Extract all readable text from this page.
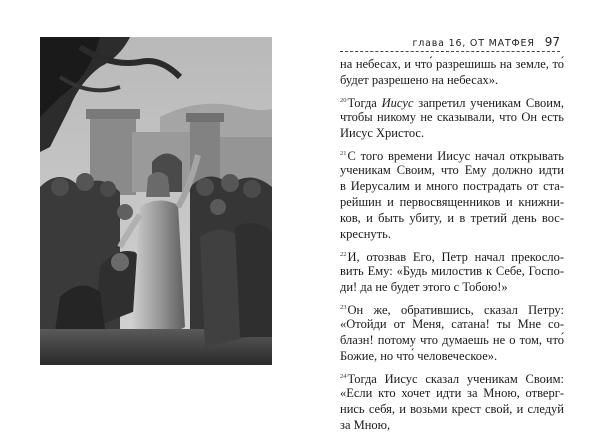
глава 16, ОТ МАТФЕЯ 97
на небесах, и что́ разрешишь на земле, то́
будет разрешено на небесах».
$^{20}$Тогда Иисус запретил ученикам Своим,
чтобы никому не сказывали, что Он есть
Иисус Христос.
$^{21}$С того времени Иисус начал открывать
ученикам Своим, что Ему должно идти
в Иерусалим и много пострадать от ста-
рейшин и первосвященников и книжни-
ков, и быть убиту, и в третий день вос-
креснуть.
$^{22}$И, отозвав Его, Петр начал прекосло-
вить Ему: «Будь милостив к Себе, Госпо-
ди! да не будет этого с Тобою!»
$^{23}$Он же, обратившись, сказал Петру:
«Отойди от Меня, сатана! ты Мне со-
блазн! потому что думаешь не о том, что́
Божие, но что́ человеческое».
$^{24}$Тогда Иисус сказал ученикам Своим:
«Если кто хочет идти за Мною, отверг-
нись себя, и возьми крест свой, и следуй
за Мною,
